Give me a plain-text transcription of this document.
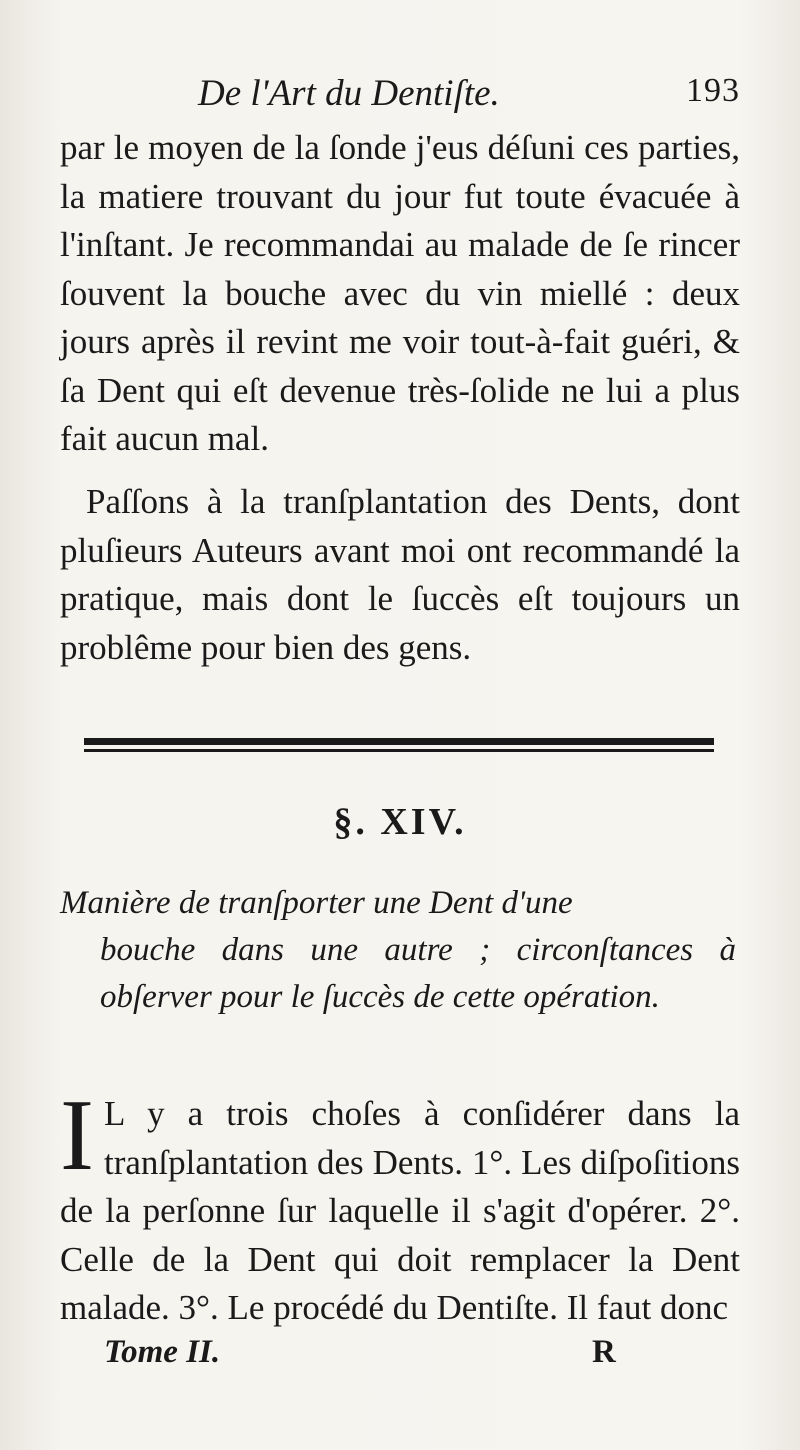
De l'Art du Dentiſte.	193

par le moyen de la ſonde j'eus déſuni ces parties, la matiere trouvant du jour fut toute évacuée à l'inſtant. Je recommandai au malade de ſe rincer ſouvent la bouche avec du vin miellé : deux jours après il revint me voir tout-à-fait guéri, & ſa Dent qui eſt devenue très-ſolide ne lui a plus fait aucun mal.

Paſſons à la tranſplantation des Dents, dont pluſieurs Auteurs avant moi ont recommandé la pratique, mais dont le ſuccès eſt toujours un problême pour bien des gens.

§. XIV.
Manière de tranſporter une Dent d'une
bouche dans une autre ; circonſtances à obſerver pour le ſuccès de cette opération.
I L y a trois choſes à conſidérer dans la tranſplantation des Dents. 1°. Les diſpoſitions de la perſonne ſur laquelle il s'agit d'opérer. 2°. Celle de la Dent qui doit remplacer la Dent malade. 3°. Le procédé du Dentiſte. Il faut donc
Tome II.	R
